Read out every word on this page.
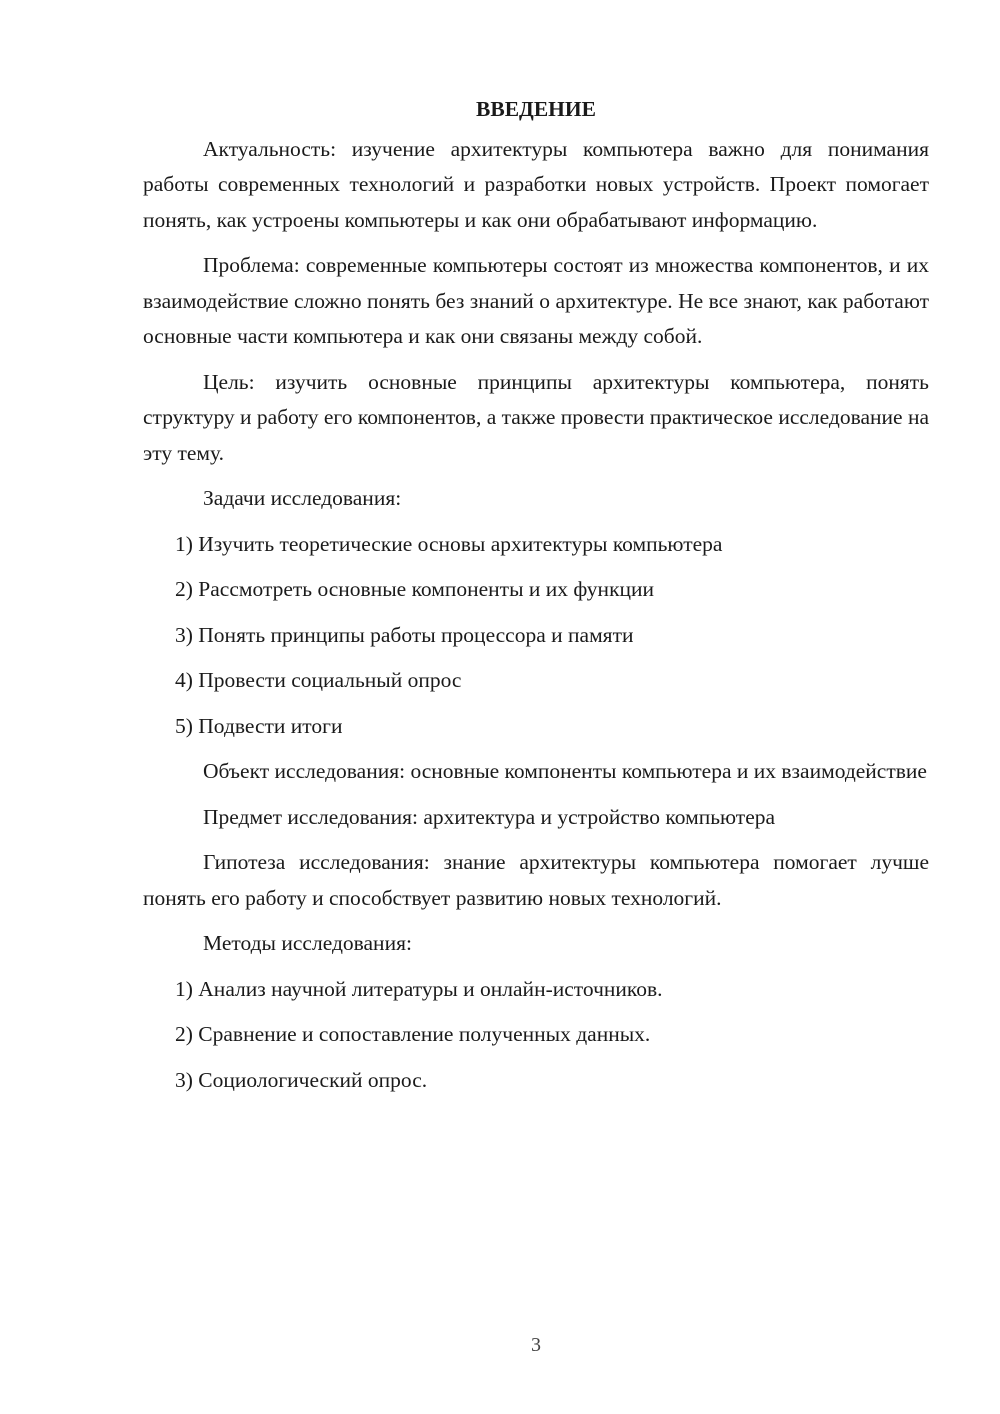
ВВЕДЕНИЕ

Актуальность: изучение архитектуры компьютера важно для понимания работы современных технологий и разработки новых устройств. Проект помогает понять, как устроены компьютеры и как они обрабатывают информацию.

Проблема: современные компьютеры состоят из множества компонентов, и их взаимодействие сложно понять без знаний о архитектуре. Не все знают, как работают основные части компьютера и как они связаны между собой.

Цель: изучить основные принципы архитектуры компьютера, понять структуру и работу его компонентов, а также провести практическое исследование на эту тему.

Задачи исследования:

1) Изучить теоретические основы архитектуры компьютера
2) Рассмотреть основные компоненты и их функции
3) Понять принципы работы процессора и памяти
4) Провести социальный опрос
5) Подвести итоги

Объект исследования: основные компоненты компьютера и их взаимодействие

Предмет исследования: архитектура и устройство компьютера

Гипотеза исследования: знание архитектуры компьютера помогает лучше понять его работу и способствует развитию новых технологий.

Методы исследования:

1) Анализ научной литературы и онлайн-источников.
2) Сравнение и сопоставление полученных данных.
3) Социологический опрос.
3
